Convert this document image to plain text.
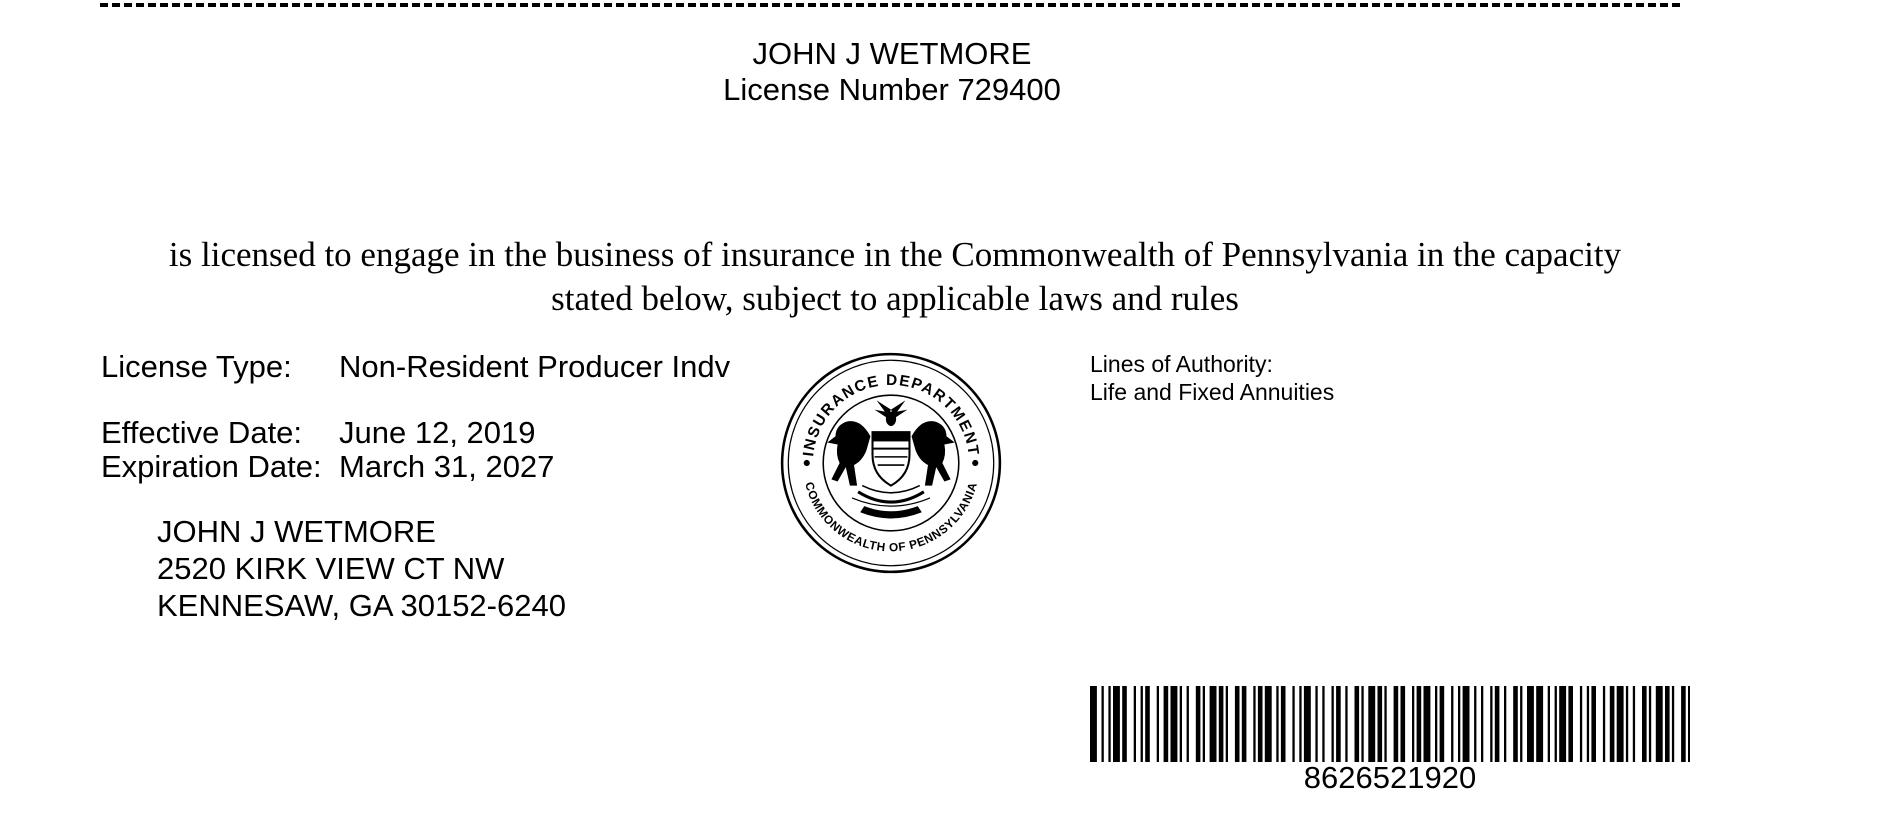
JOHN J WETMORE
License Number 729400
is licensed to engage in the business of insurance in the Commonwealth of Pennsylvania in the capacity
stated below, subject to applicable laws and rules
License Type:	Non-Resident Producer Indv
Effective Date:	June 12, 2019
Expiration Date: March 31, 2027
JOHN J WETMORE
2520 KIRK VIEW CT NW
KENNESAW, GA 30152-6240
INSURANCE DEPARTMENT
COMMONWEALTH OF PENNSYLVANIA
Lines of Authority:
Life and Fixed Annuities
8626521920
